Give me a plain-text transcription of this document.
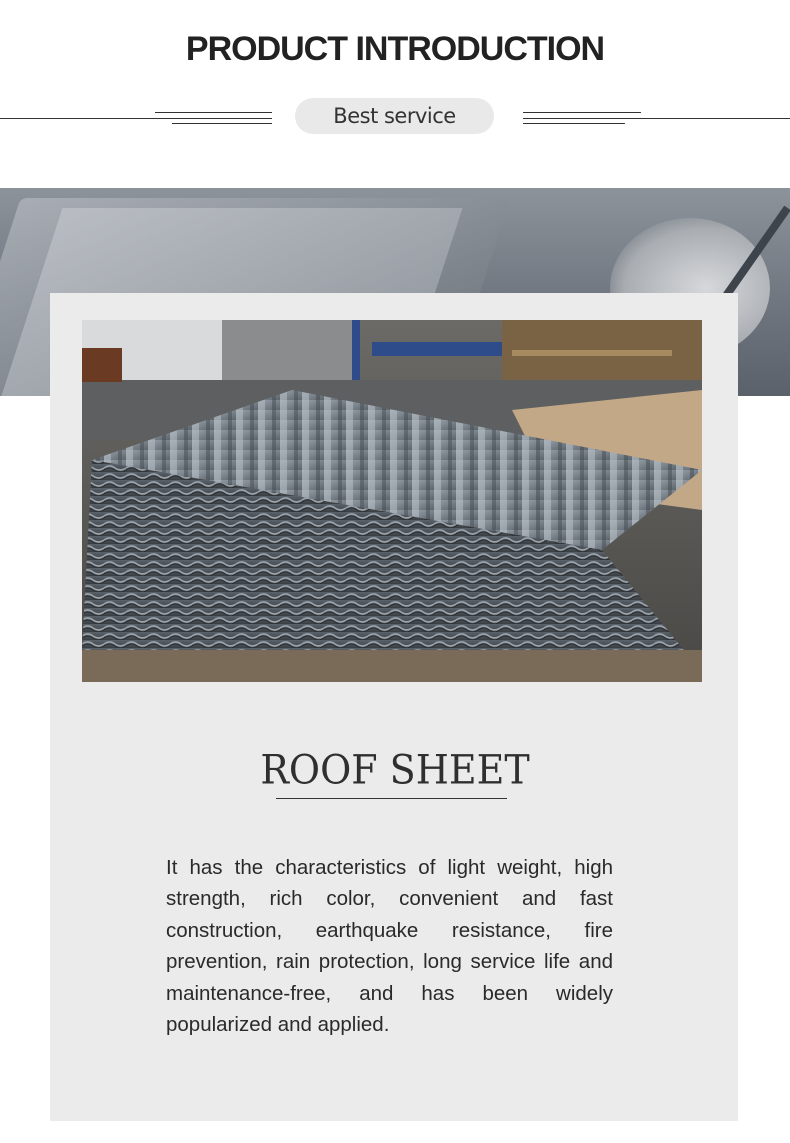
PRODUCT INTRODUCTION
Best service
ROOF SHEET

It has the characteristics of light weight, high strength, rich color, convenient and fast construction, earthquake resistance, fire prevention, rain protection, long service life and maintenance-free, and has been widely popularized and applied.
